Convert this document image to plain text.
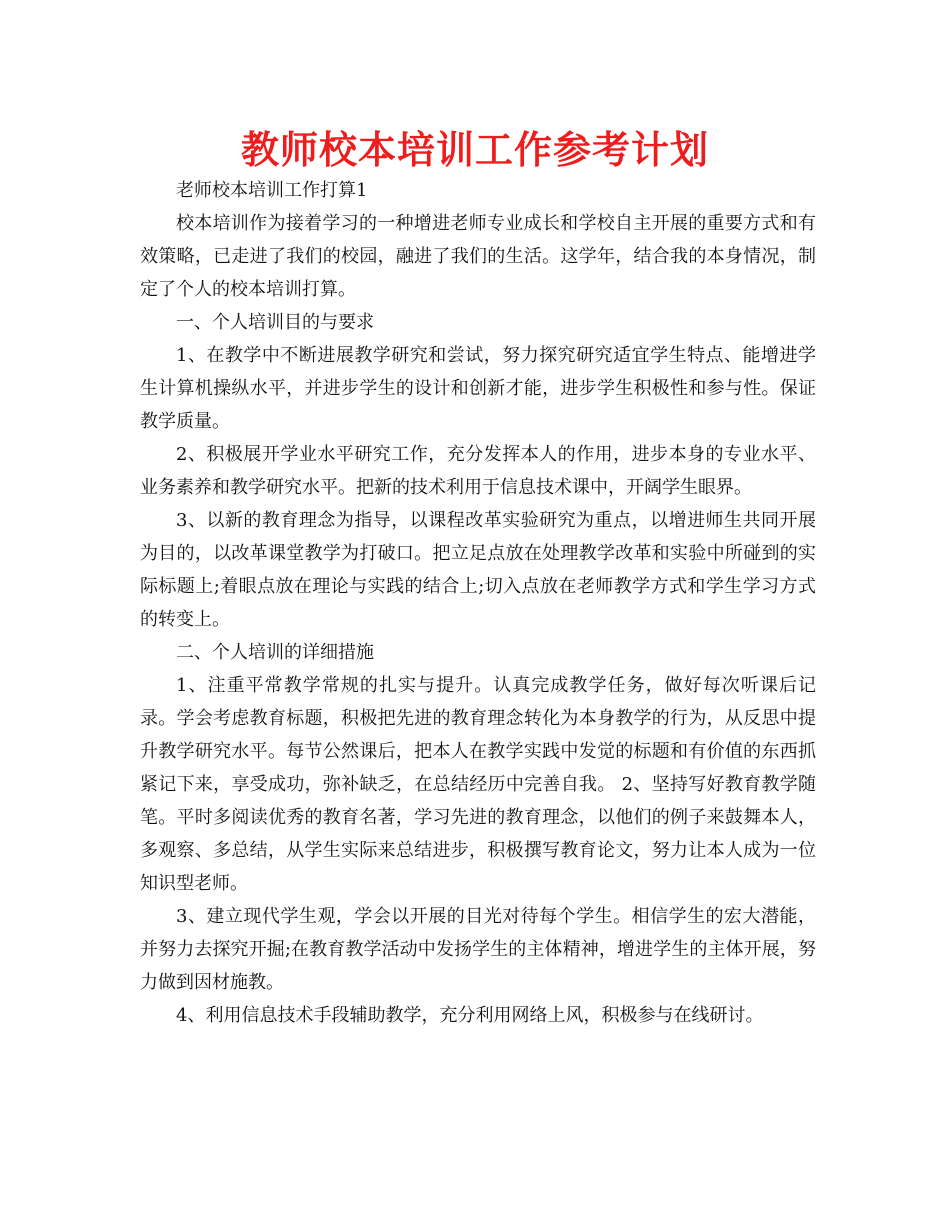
教师校本培训工作参考计划

老师校本培训工作打算1

校本培训作为接着学习的一种增进老师专业成长和学校自主开展的重要方式和有效策略，已走进了我们的校园，融进了我们的生活。这学年，结合我的本身情况，制定了个人的校本培训打算。

一、个人培训目的与要求

1、在教学中不断进展教学研究和尝试，努力探究研究适宜学生特点、能增进学生计算机操纵水平，并进步学生的设计和创新才能，进步学生积极性和参与性。保证教学质量。

2、积极展开学业水平研究工作，充分发挥本人的作用，进步本身的专业水平、业务素养和教学研究水平。把新的技术利用于信息技术课中，开阔学生眼界。

3、以新的教育理念为指导，以课程改革实验研究为重点，以增进师生共同开展为目的，以改革课堂教学为打破口。把立足点放在处理教学改革和实验中所碰到的实际标题上;着眼点放在理论与实践的结合上;切入点放在老师教学方式和学生学习方式的转变上。

二、个人培训的详细措施

1、注重平常教学常规的扎实与提升。认真完成教学任务，做好每次听课后记录。学会考虑教育标题，积极把先进的教育理念转化为本身教学的行为，从反思中提升教学研究水平。每节公然课后，把本人在教学实践中发觉的标题和有价值的东西抓紧记下来，享受成功，弥补缺乏，在总结经历中完善自我。 2、坚持写好教育教学随笔。平时多阅读优秀的教育名著，学习先进的教育理念，以他们的例子来鼓舞本人，多观察、多总结，从学生实际来总结进步，积极撰写教育论文，努力让本人成为一位知识型老师。

3、建立现代学生观，学会以开展的目光对待每个学生。相信学生的宏大潜能，并努力去探究开掘;在教育教学活动中发扬学生的主体精神，增进学生的主体开展，努力做到因材施教。

4、利用信息技术手段辅助教学，充分利用网络上风，积极参与在线研讨。
